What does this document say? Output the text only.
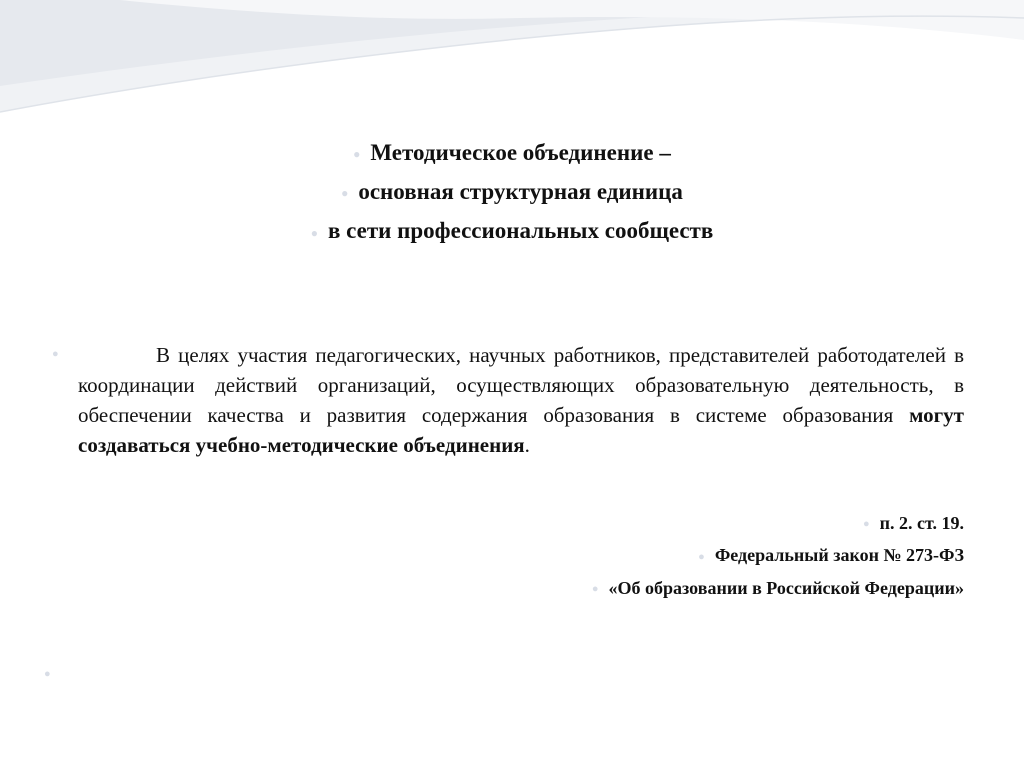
● Методическое объединение –
● основная структурная единица
● в сети профессиональных сообществ
●	В целях участия педагогических, научных работников, представителей работодателей в координации действий организаций, осуществляющих образовательную деятельность, в обеспечении качества и развития содержания образования в системе образования могут создаваться учебно-методические объединения.
● п. 2. ст. 19.
● Федеральный закон № 273-ФЗ
● «Об образовании в Российской Федерации»
●
